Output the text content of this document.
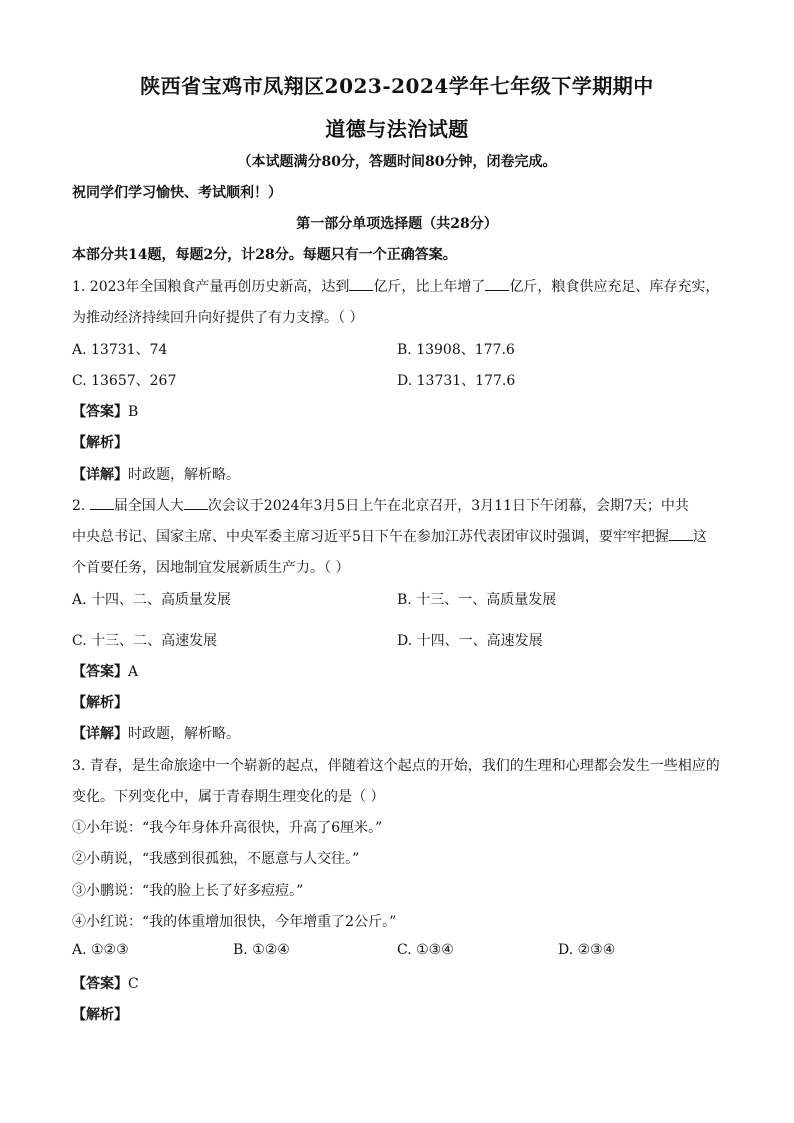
陕西省宝鸡市凤翔区2023-2024学年七年级下学期期中
道德与法治试题
（本试题满分80分，答题时间80分钟，闭卷完成。
祝同学们学习愉快、考试顺利！）
第一部分单项选择题（共28分）
本部分共14题，每题2分，计28分。每题只有一个正确答案。
1. 2023年全国粮食产量再创历史新高，达到 亿斤，比上年增了 亿斤，粮食供应充足、库存充实，
为推动经济持续回升向好提供了有力支撑。（ ）
A. 13731、74	B. 13908、177.6
C. 13657、267	D. 13731、177.6
【答案】B
【解析】
【详解】时政题，解析略。
2. 届全国人大 次会议于2024年3月5日上午在北京召开，3月11日下午闭幕，会期7天；中共
中央总书记、国家主席、中央军委主席习近平5日下午在参加江苏代表团审议时强调，要牢牢把握 这
个首要任务，因地制宜发展新质生产力。（ ）
A. 十四、二、高质量发展	B. 十三、一、高质量发展
C. 十三、二、高速发展	D. 十四、一、高速发展
【答案】A
【解析】
【详解】时政题，解析略。
3. 青春，是生命旅途中一个崭新的起点，伴随着这个起点的开始，我们的生理和心理都会发生一些相应的
变化。下列变化中，属于青春期生理变化的是（ ）
①小年说：“我今年身体升高很快，升高了6厘米。”
②小萌说，“我感到很孤独，不愿意与人交往。”
③小鹏说：“我的脸上长了好多痘痘。”
④小红说：“我的体重增加很快，今年增重了2公斤。”
A. ①②③	B. ①②④	C. ①③④	D. ②③④
【答案】C
【解析】
